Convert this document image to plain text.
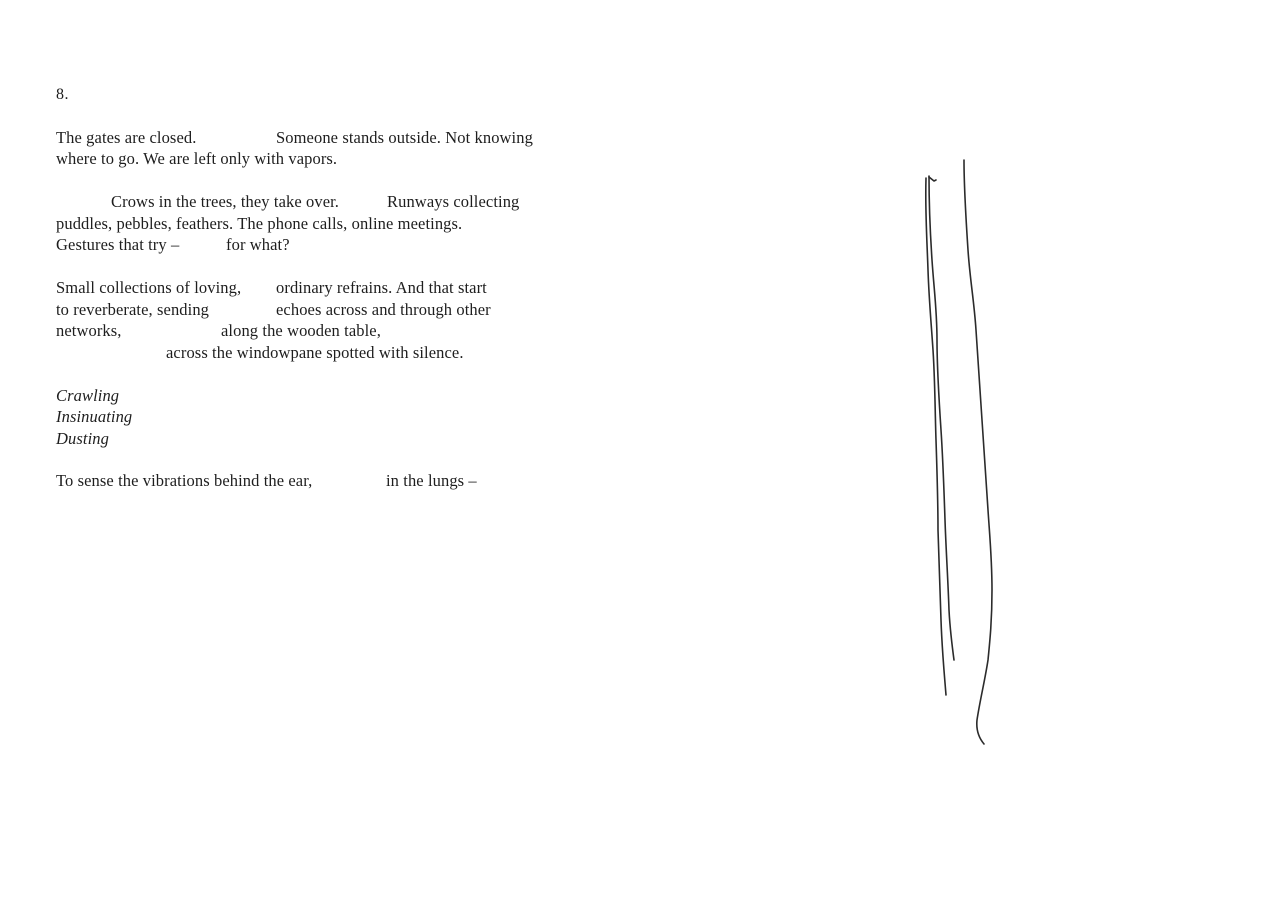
8.
The gates are closed.	Someone stands outside. Not knowing
where to go. We are left only with vapors.
Crows in the trees, they take over.	Runways collecting
puddles, pebbles, feathers. The phone calls, online meetings.
Gestures that try –	for what?
Small collections of loving, ordinary refrains. And that start
to reverberate, sending	echoes across and through other
networks,	along the wooden table,
across the windowpane spotted with silence.
Crawling
Insinuating
Dusting
To sense the vibrations behind the ear,	in the lungs –
